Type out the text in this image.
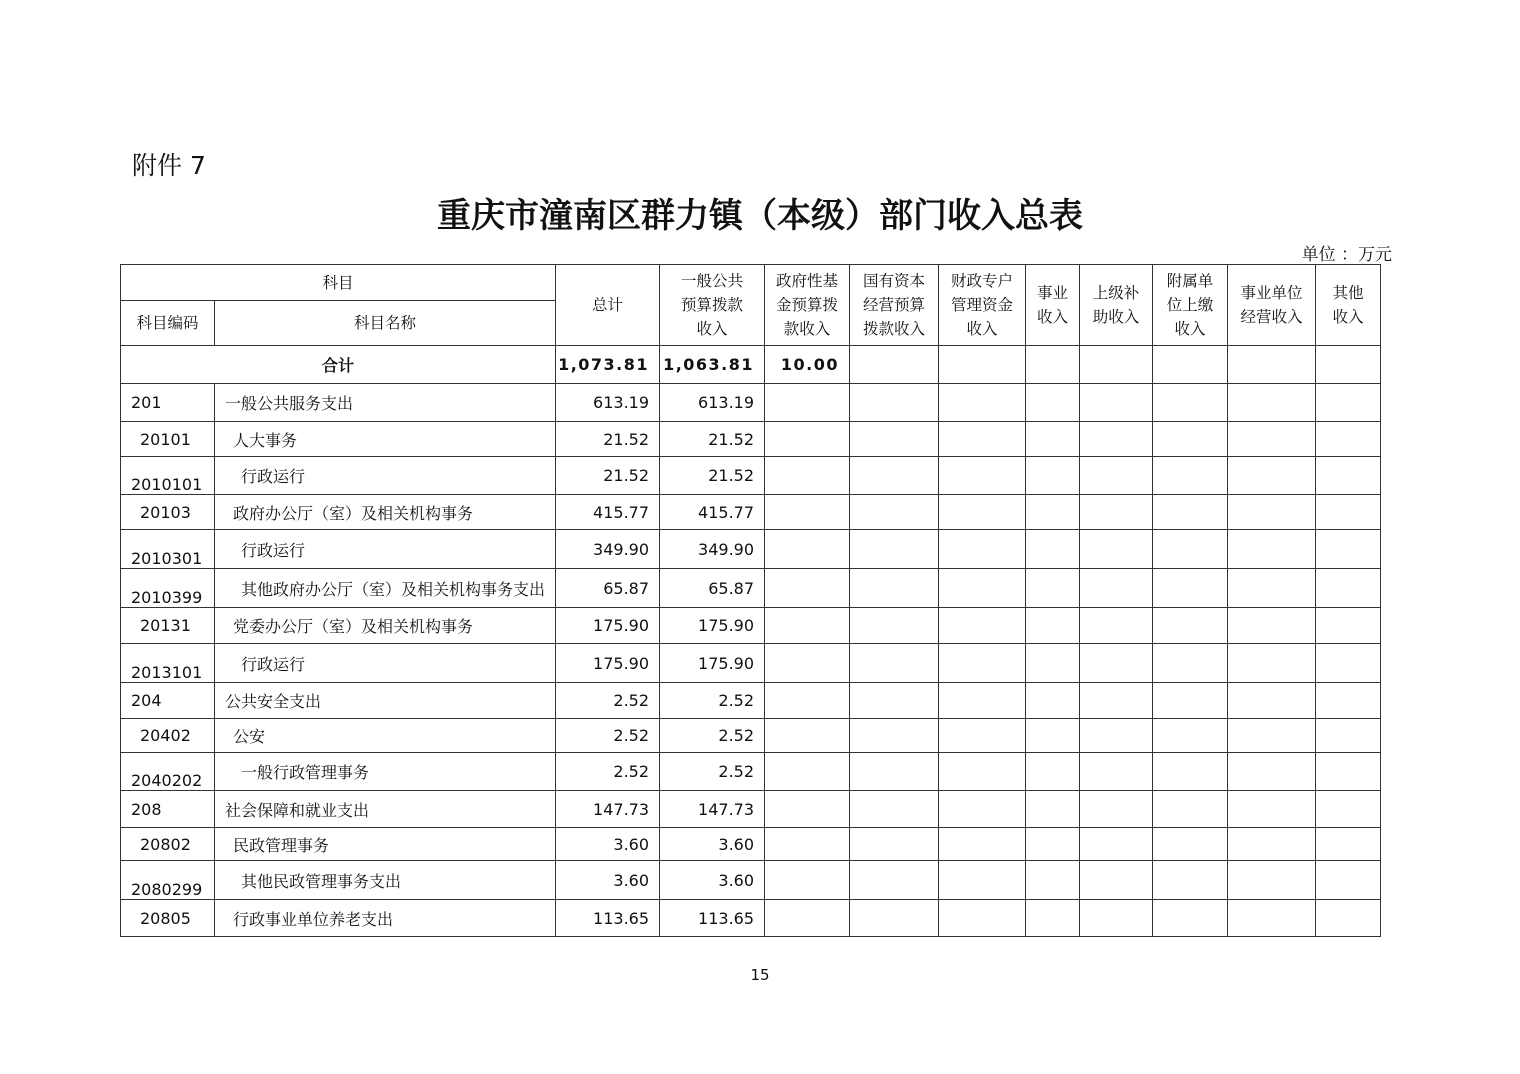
附件 7
重庆市潼南区群力镇（本级）部门收入总表
单位 ：万元
科目		总计	一般公共预算拨款收入	政府性基金预算拨款收入	国有资本经营预算拨款收入	财政专户管理资金收入	事业收入	上级补助收入	附属单位上缴收入	事业单位经营收入	其他收入	
科目编码	科目名称											
合计		1,073.81	1,063.81	10.00								
201	一般公共服务支出	613.19	613.19									
20101	人大事务	21.52	21.52									
2010101	行政运行	21.52	21.52									
20103	政府办公厅（室）及相关机构事务	415.77	415.77									
2010301	行政运行	349.90	349.90									
2010399	其他政府办公厅（室）及相关机构事务支出	65.87	65.87									
20131	党委办公厅（室）及相关机构事务	175.90	175.90									
2013101	行政运行	175.90	175.90									
204	公共安全支出	2.52	2.52									
20402	公安	2.52	2.52									
2040202	一般行政管理事务	2.52	2.52									
208	社会保障和就业支出	147.73	147.73									
20802	民政管理事务	3.60	3.60									
2080299	其他民政管理事务支出	3.60	3.60									
20805	行政事业单位养老支出	113.65	113.65									
15
